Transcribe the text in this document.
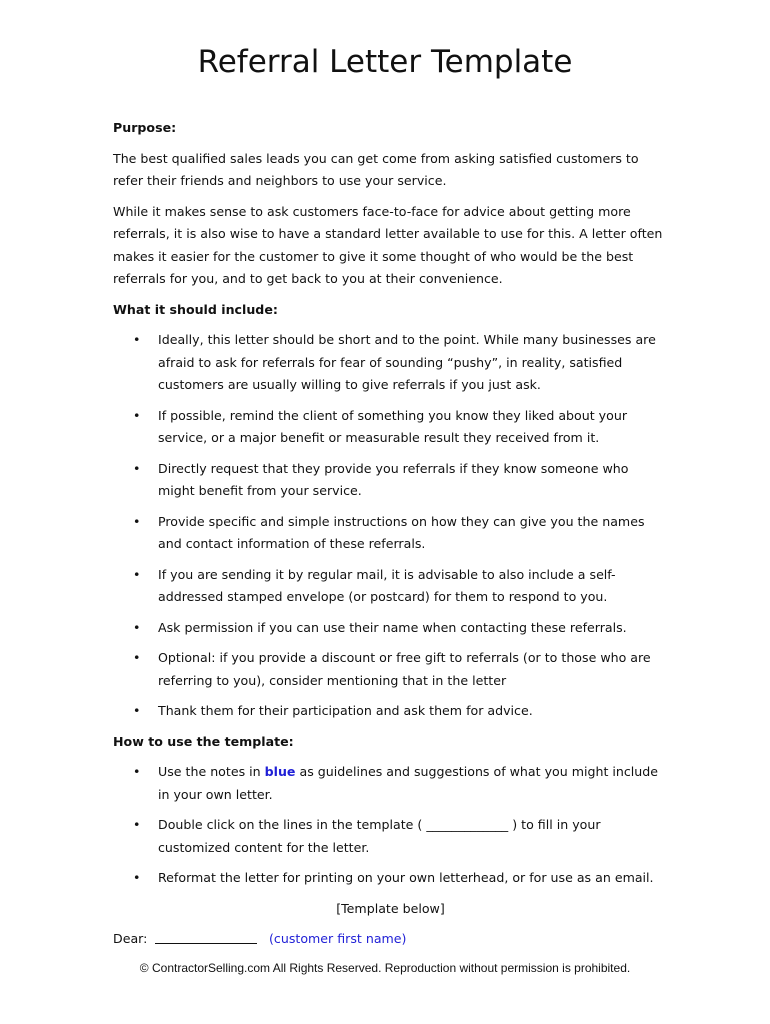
Referral Letter Template

Purpose:

The best qualified sales leads you can get come from asking satisfied customers to refer their friends and neighbors to use your service.

While it makes sense to ask customers face-to-face for advice about getting more referrals, it is also wise to have a standard letter available to use for this. A letter often makes it easier for the customer to give it some thought of who would be the best referrals for you, and to get back to you at their convenience.

What it should include:

• Ideally, this letter should be short and to the point. While many businesses are afraid to ask for referrals for fear of sounding “pushy”, in reality, satisfied customers are usually willing to give referrals if you just ask.
• If possible, remind the client of something you know they liked about your service, or a major benefit or measurable result they received from it.
• Directly request that they provide you referrals if they know someone who might benefit from your service.
• Provide specific and simple instructions on how they can give you the names and contact information of these referrals.
• If you are sending it by regular mail, it is advisable to also include a self-addressed stamped envelope (or postcard) for them to respond to you.
• Ask permission if you can use their name when contacting these referrals.
• Optional: if you provide a discount or free gift to referrals (or to those who are referring to you), consider mentioning that in the letter
• Thank them for their participation and ask them for advice.

How to use the template:

• Use the notes in blue as guidelines and suggestions of what you might include in your own letter.
• Double click on the lines in the template ( _____________ ) to fill in your customized content for the letter.
• Reformat the letter for printing on your own letterhead, or for use as an email.

[Template below]

Dear:	(customer first name)
© ContractorSelling.com All Rights Reserved. Reproduction without permission is prohibited.
